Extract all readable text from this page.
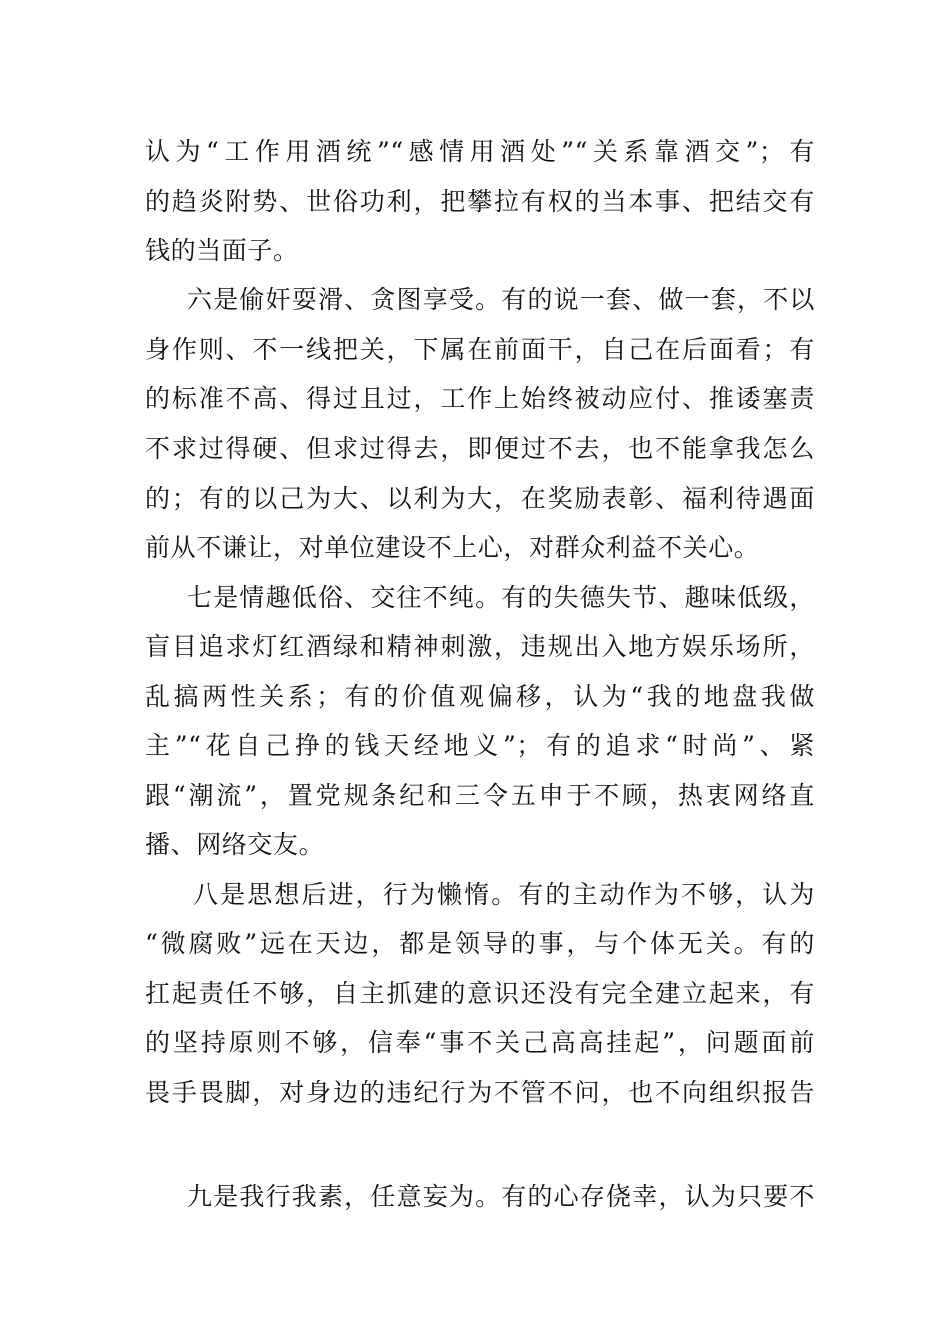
认为“工作用酒统”“感情用酒处”“关系靠酒交”；有
的趋炎附势、世俗功利，把攀拉有权的当本事、把结交有
钱的当面子。
六是偷奸耍滑、贪图享受。有的说一套、做一套，不以
身作则、不一线把关，下属在前面干，自己在后面看；有
的标准不高、得过且过，工作上始终被动应付、推诿塞责
不求过得硬、但求过得去，即便过不去，也不能拿我怎么
的；有的以己为大、以利为大，在奖励表彰、福利待遇面
前从不谦让，对单位建设不上心，对群众利益不关心。
七是情趣低俗、交往不纯。有的失德失节、趣味低级，
盲目追求灯红酒绿和精神刺激，违规出入地方娱乐场所，
乱搞两性关系；有的价值观偏移，认为“我的地盘我做
主”“花自己挣的钱天经地义”；有的追求“时尚”、紧
跟“潮流”，置党规条纪和三令五申于不顾，热衷网络直
播、网络交友。
八是思想后进，行为懒惰。有的主动作为不够，认为
“微腐败”远在天边，都是领导的事，与个体无关。有的
扛起责任不够，自主抓建的意识还没有完全建立起来，有
的坚持原则不够，信奉“事不关己高高挂起”，问题面前
畏手畏脚，对身边的违纪行为不管不问，也不向组织报告
九是我行我素，任意妄为。有的心存侥幸，认为只要不
